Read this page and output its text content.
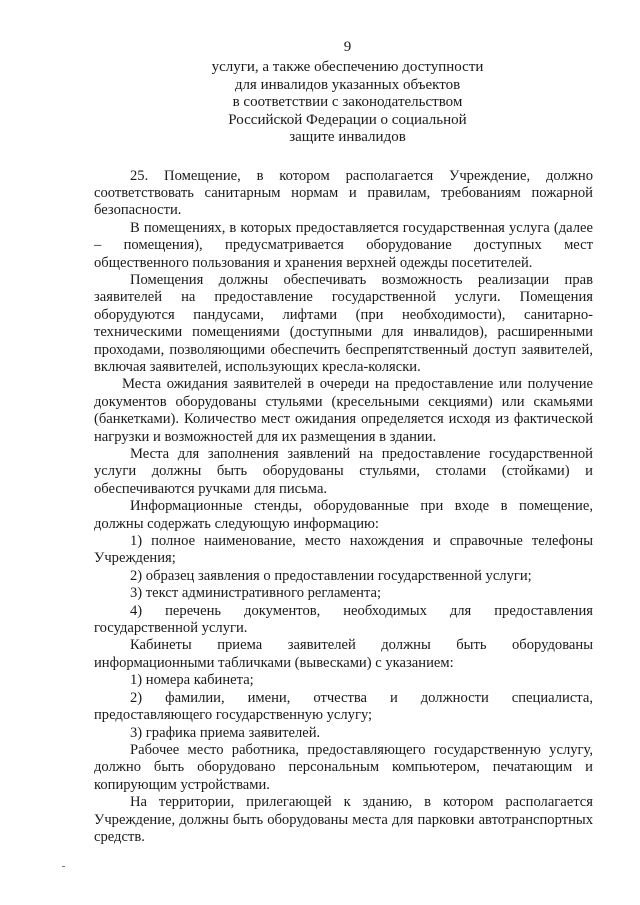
9
услуги, а также обеспечению доступности
для инвалидов указанных объектов
в соответствии с законодательством
Российской Федерации о социальной
защите инвалидов

25. Помещение, в котором располагается Учреждение, должно соответствовать санитарным нормам и правилам, требованиям пожарной безопасности.

В помещениях, в которых предоставляется государственная услуга (далее – помещения), предусматривается оборудование доступных мест общественного пользования и хранения верхней одежды посетителей.

Помещения должны обеспечивать возможность реализации прав заявителей на предоставление государственной услуги. Помещения оборудуются пандусами, лифтами (при необходимости), санитарно-техническими помещениями (доступными для инвалидов), расширенными проходами, позволяющими обеспечить беспрепятственный доступ заявителей, включая заявителей, использующих кресла-коляски.

Места ожидания заявителей в очереди на предоставление или получение документов оборудованы стульями (кресельными секциями) или скамьями (банкетками). Количество мест ожидания определяется исходя из фактической нагрузки и возможностей для их размещения в здании.

Места для заполнения заявлений на предоставление государственной услуги должны быть оборудованы стульями, столами (стойками) и обеспечиваются ручками для письма.

Информационные стенды, оборудованные при входе в помещение, должны содержать следующую информацию:

1) полное наименование, место нахождения и справочные телефоны Учреждения;

2) образец заявления о предоставлении государственной услуги;

3) текст административного регламента;

4) перечень документов, необходимых для предоставления государственной услуги.

Кабинеты приема заявителей должны быть оборудованы информационными табличками (вывесками) с указанием:

1) номера кабинета;

2) фамилии, имени, отчества и должности специалиста, предоставляющего государственную услугу;

3) графика приема заявителей.

Рабочее место работника, предоставляющего государственную услугу, должно быть оборудовано персональным компьютером, печатающим и копирующим устройствами.

На территории, прилегающей к зданию, в котором располагается Учреждение, должны быть оборудованы места для парковки автотранспортных средств.
